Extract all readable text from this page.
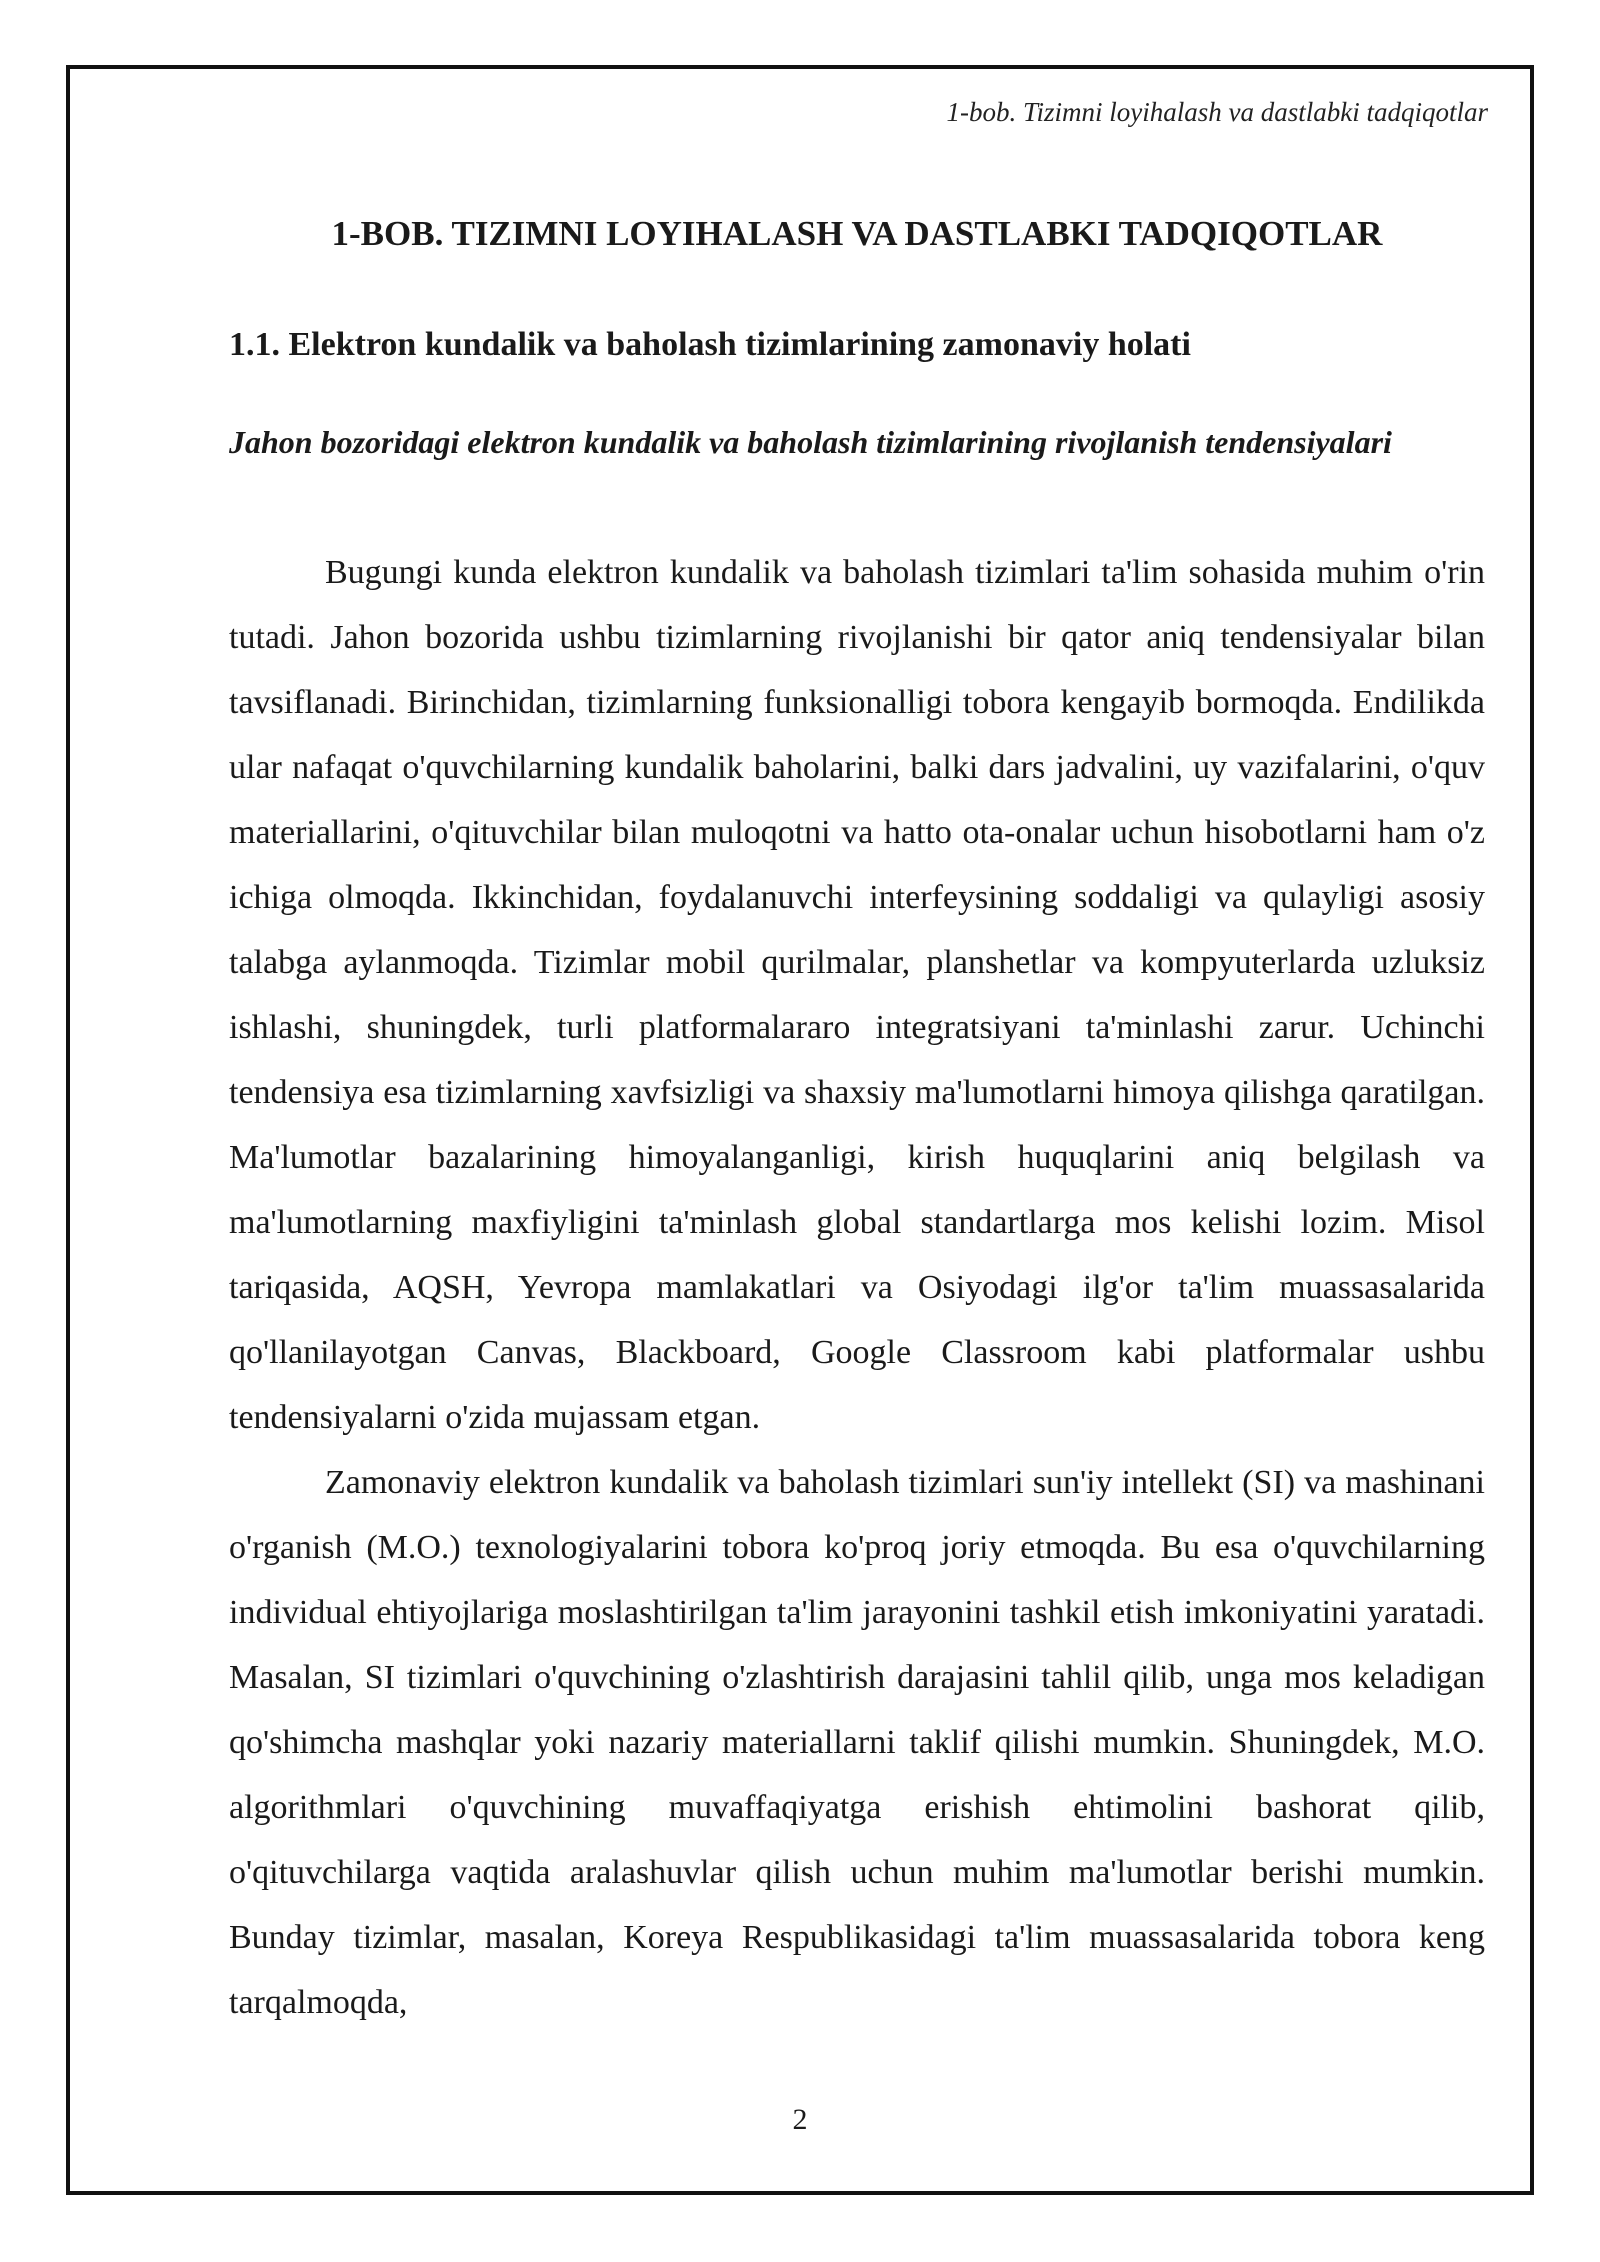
1-bob. Tizimni loyihalash va dastlabki tadqiqotlar
1-BOB. TIZIMNI LOYIHALASH VA DASTLABKI TADQIQOTLAR
1.1. Elektron kundalik va baholash tizimlarining zamonaviy holati
Jahon bozoridagi elektron kundalik va baholash tizimlarining rivojlanish tendensiyalari

Bugungi kunda elektron kundalik va baholash tizimlari ta'lim sohasida muhim o'rin tutadi. Jahon bozorida ushbu tizimlarning rivojlanishi bir qator aniq tendensiyalar bilan tavsiflanadi. Birinchidan, tizimlarning funksionalligi tobora kengayib bormoqda. Endilikda ular nafaqat o'quvchilarning kundalik baholarini, balki dars jadvalini, uy vazifalarini, o'quv materiallarini, o'qituvchilar bilan muloqotni va hatto ota-onalar uchun hisobotlarni ham o'z ichiga olmoqda. Ikkinchidan, foydalanuvchi interfeysining soddaligi va qulayligi asosiy talabga aylanmoqda. Tizimlar mobil qurilmalar, planshetlar va kompyuterlarda uzluksiz ishlashi, shuningdek, turli platformalararo integratsiyani ta'minlashi zarur. Uchinchi tendensiya esa tizimlarning xavfsizligi va shaxsiy ma'lumotlarni himoya qilishga qaratilgan. Ma'lumotlar bazalarining himoyalanganligi, kirish huquqlarini aniq belgilash va ma'lumotlarning maxfiyligini ta'minlash global standartlarga mos kelishi lozim. Misol tariqasida, AQSH, Yevropa mamlakatlari va Osiyodagi ilg'or ta'lim muassasalarida qo'llanilayotgan Canvas, Blackboard, Google Classroom kabi platformalar ushbu tendensiyalarni o'zida mujassam etgan.

Zamonaviy elektron kundalik va baholash tizimlari sun'iy intellekt (SI) va mashinani o'rganish (M.O.) texnologiyalarini tobora ko'proq joriy etmoqda. Bu esa o'quvchilarning individual ehtiyojlariga moslashtirilgan ta'lim jarayonini tashkil etish imkoniyatini yaratadi. Masalan, SI tizimlari o'quvchining o'zlashtirish darajasini tahlil qilib, unga mos keladigan qo'shimcha mashqlar yoki nazariy materiallarni taklif qilishi mumkin. Shuningdek, M.O. algorithmlari o'quvchining muvaffaqiyatga erishish ehtimolini bashorat qilib, o'qituvchilarga vaqtida aralashuvlar qilish uchun muhim ma'lumotlar berishi mumkin. Bunday tizimlar, masalan, Koreya Respublikasidagi ta'lim muassasalarida tobora keng tarqalmoqda,

2
